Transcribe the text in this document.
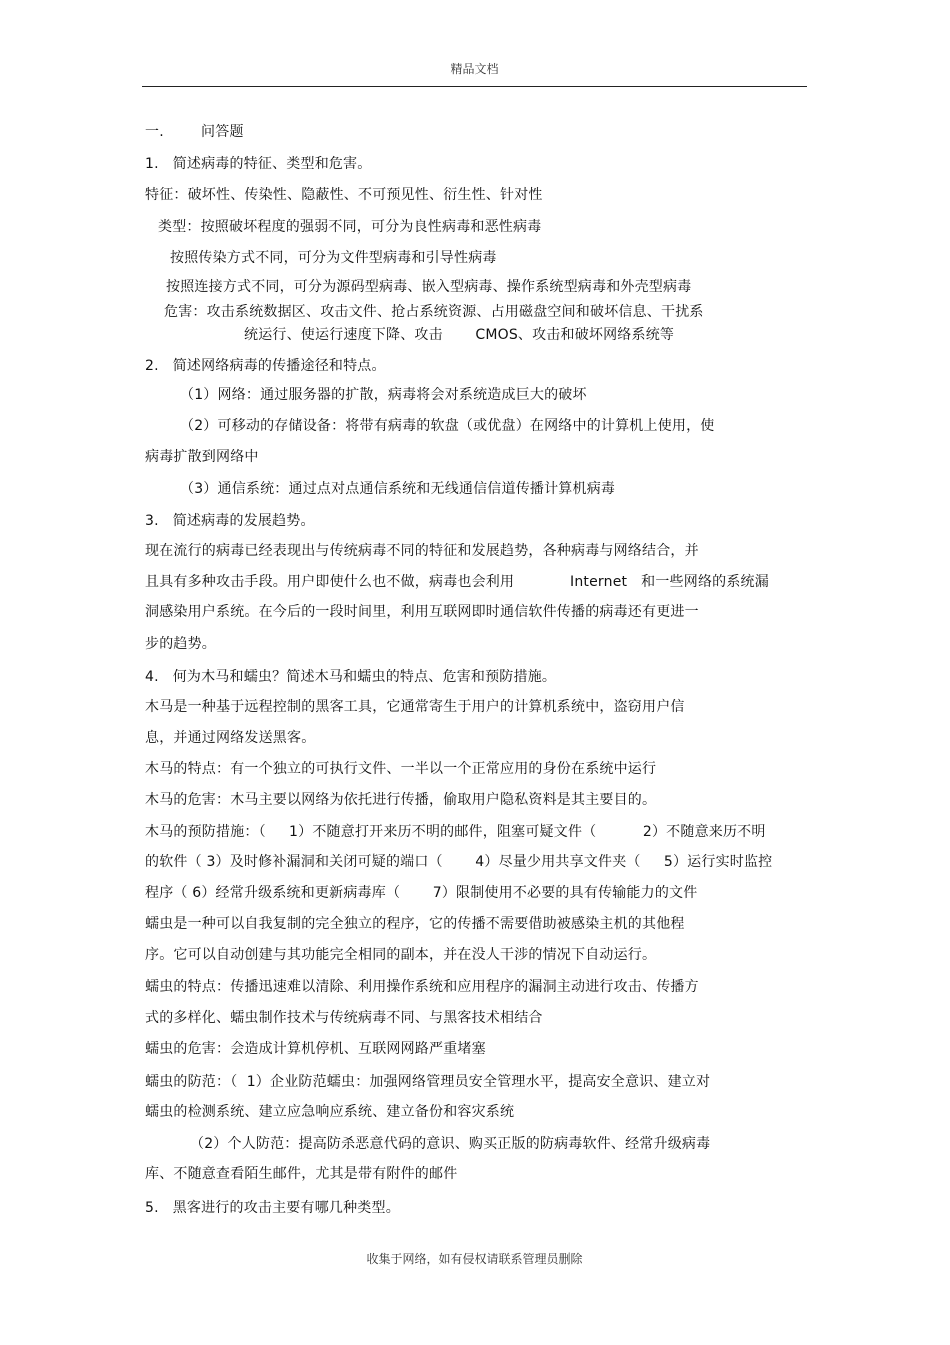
精品文档
一.        问答题
1.   简述病毒的特征、类型和危害。
特征：破坏性、传染性、隐蔽性、不可预见性、衍生性、针对性
类型：按照破坏程度的强弱不同，可分为良性病毒和恶性病毒
按照传染方式不同，可分为文件型病毒和引导性病毒
按照连接方式不同，可分为源码型病毒、嵌入型病毒、操作系统型病毒和外壳型病毒
危害：攻击系统数据区、攻击文件、抢占系统资源、占用磁盘空间和破坏信息、干扰系
统运行、使运行速度下降、攻击       CMOS、攻击和破坏网络系统等
2.   简述网络病毒的传播途径和特点。
（1）网络：通过服务器的扩散，病毒将会对系统造成巨大的破坏
（2）可移动的存储设备：将带有病毒的软盘（或优盘）在网络中的计算机上使用，使
病毒扩散到网络中
（3）通信系统：通过点对点通信系统和无线通信信道传播计算机病毒
3.   简述病毒的发展趋势。
现在流行的病毒已经表现出与传统病毒不同的特征和发展趋势，各种病毒与网络结合，并
且具有多种攻击手段。用户即使什么也不做，病毒也会利用            Internet   和一些网络的系统漏
洞感染用户系统。在今后的一段时间里，利用互联网即时通信软件传播的病毒还有更进一
步的趋势。
4.   何为木马和蠕虫？简述木马和蠕虫的特点、危害和预防措施。
木马是一种基于远程控制的黑客工具，它通常寄生于用户的计算机系统中，盗窃用户信
息，并通过网络发送黑客。
木马的特点：有一个独立的可执行文件、一半以一个正常应用的身份在系统中运行
木马的危害：木马主要以网络为依托进行传播，偷取用户隐私资料是其主要目的。
木马的预防措施：（     1）不随意打开来历不明的邮件，阻塞可疑文件（          2）不随意来历不明
的软件（ 3）及时修补漏洞和关闭可疑的端口（       4）尽量少用共享文件夹（     5）运行实时监控
程序（ 6）经常升级系统和更新病毒库（       7）限制使用不必要的具有传输能力的文件
蠕虫是一种可以自我复制的完全独立的程序，它的传播不需要借助被感染主机的其他程
序。它可以自动创建与其功能完全相同的副本，并在没人干涉的情况下自动运行。
蠕虫的特点：传播迅速难以清除、利用操作系统和应用程序的漏洞主动进行攻击、传播方
式的多样化、蠕虫制作技术与传统病毒不同、与黑客技术相结合
蠕虫的危害：会造成计算机停机、互联网网路严重堵塞
蠕虫的防范：（  1）企业防范蠕虫：加强网络管理员安全管理水平，提高安全意识、建立对
蠕虫的检测系统、建立应急响应系统、建立备份和容灾系统
（2）个人防范：提高防杀恶意代码的意识、购买正版的防病毒软件、经常升级病毒
库、不随意查看陌生邮件，尤其是带有附件的邮件
5.   黑客进行的攻击主要有哪几种类型。
收集于网络，如有侵权请联系管理员删除
